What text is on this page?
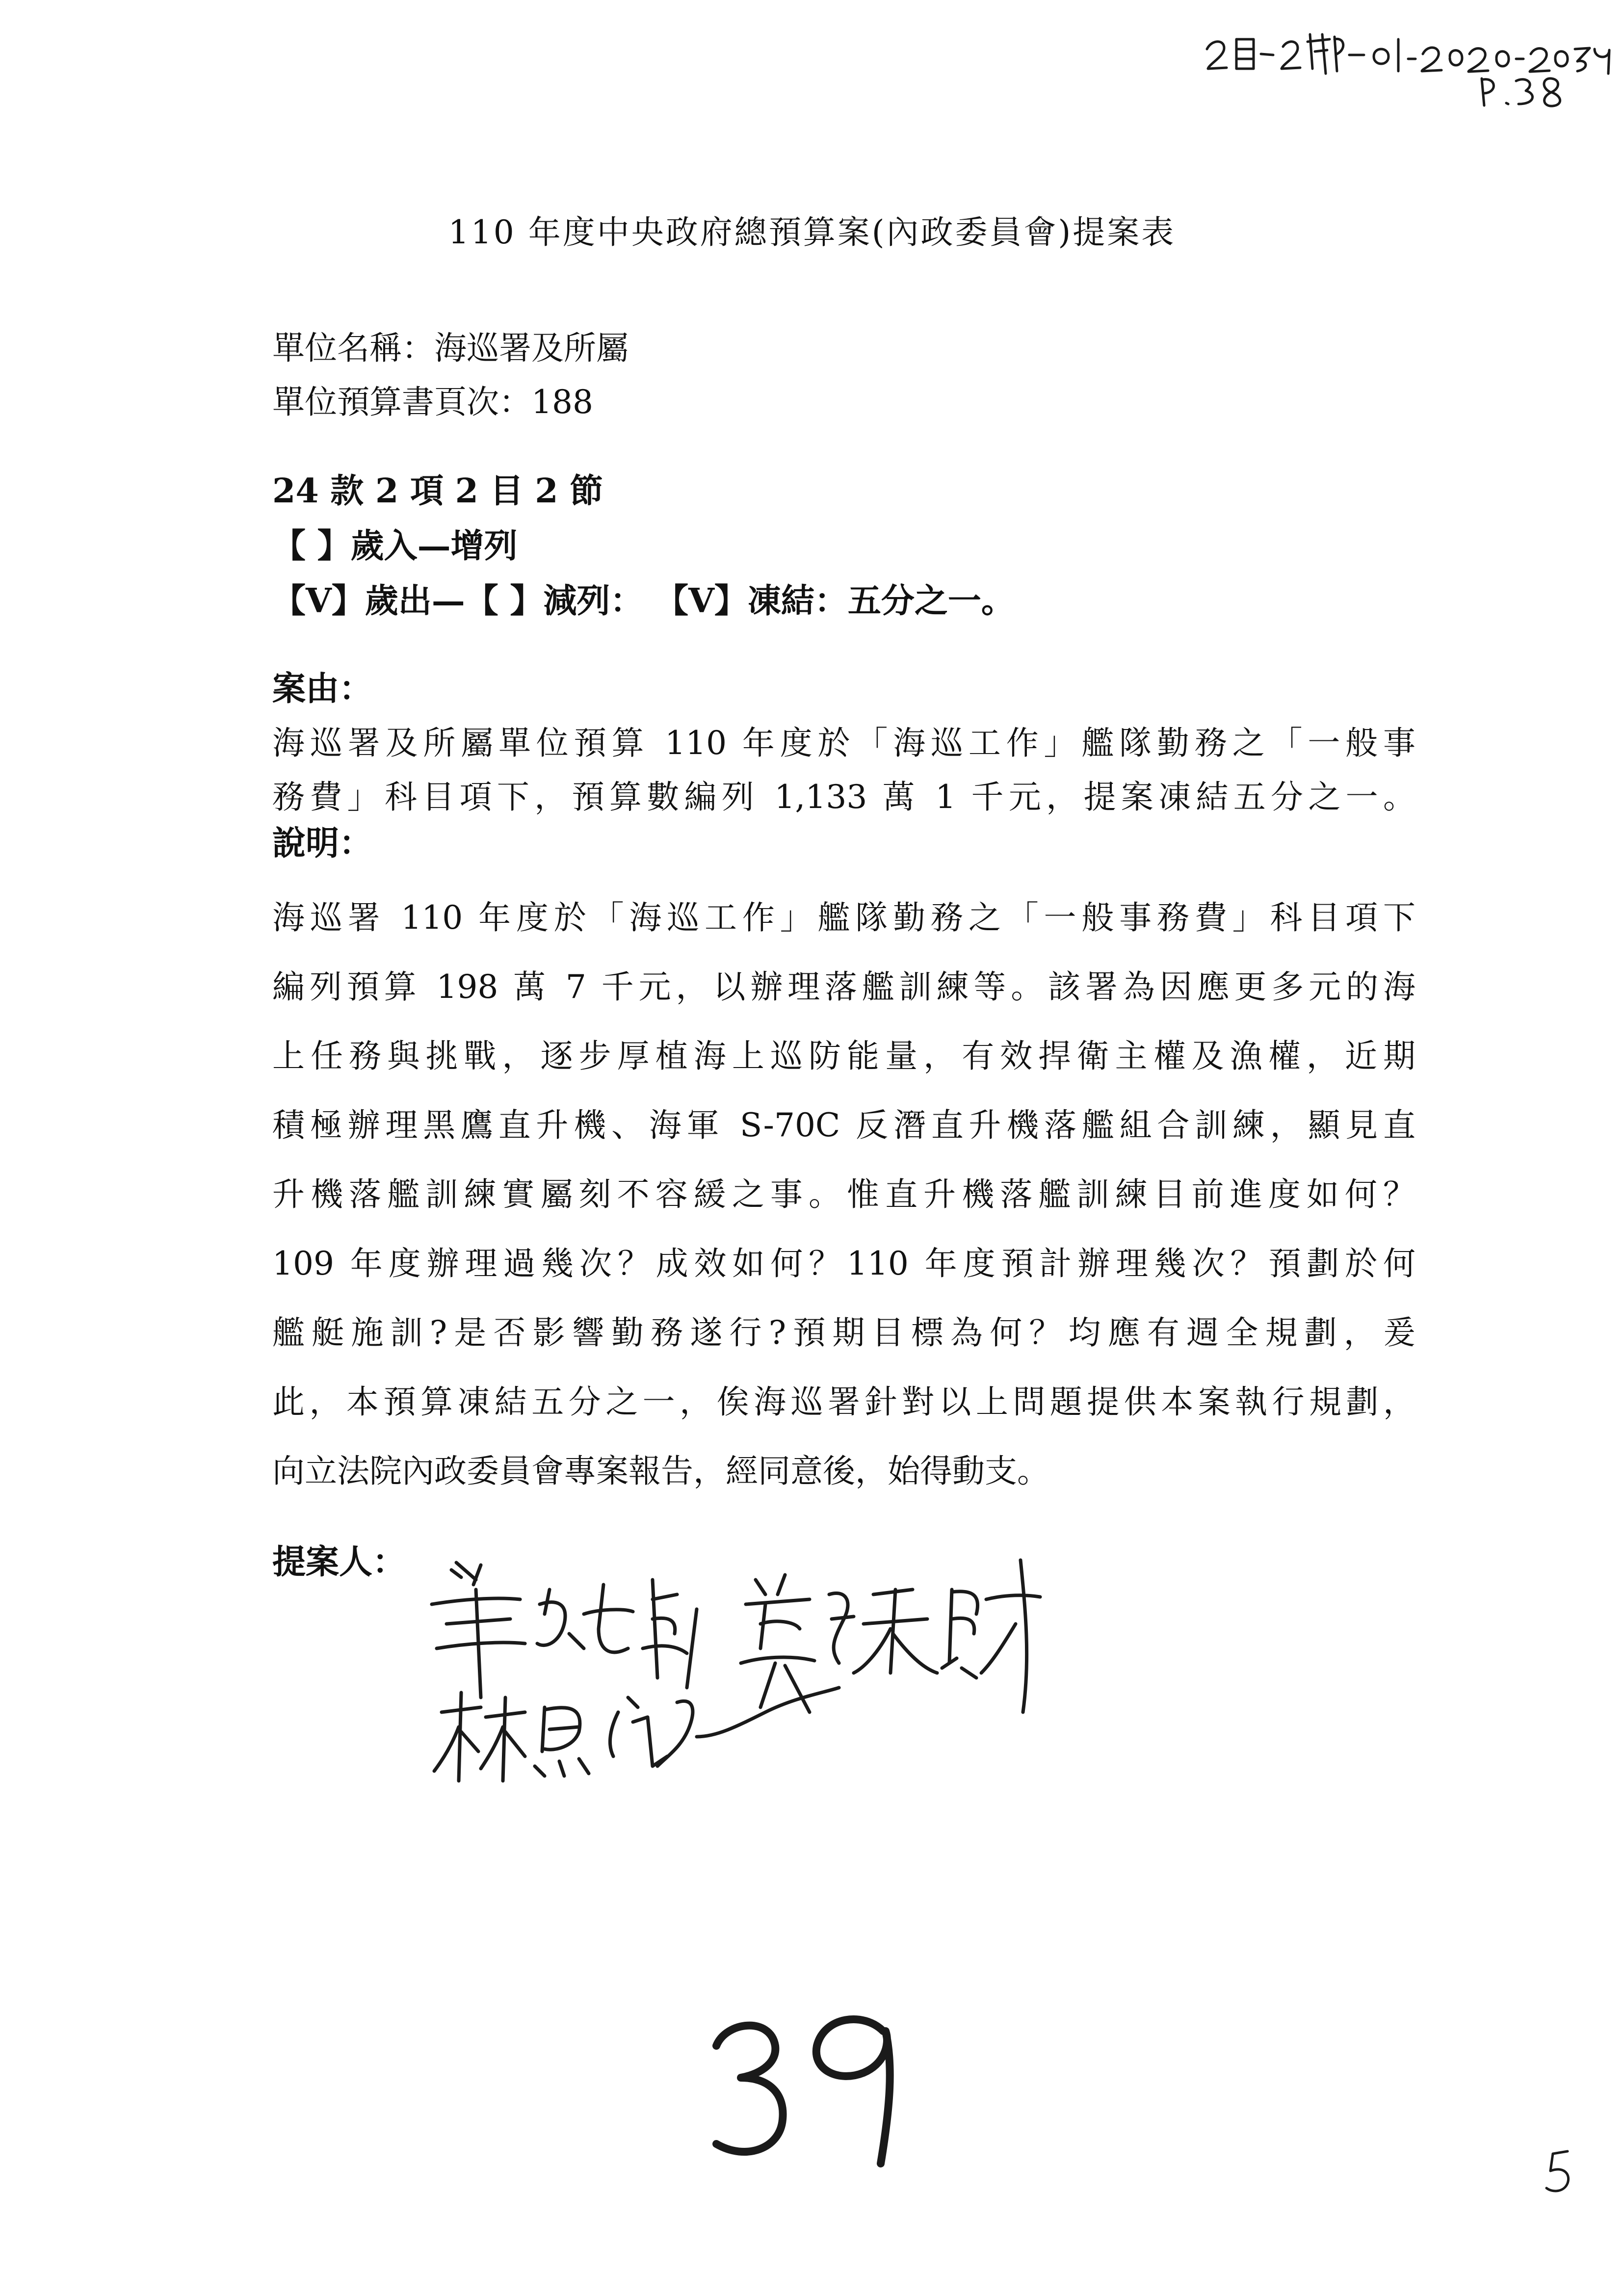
110 年度中央政府總預算案(內政委員會)提案表
單位名稱：海巡署及所屬
單位預算書頁次：188
24 款 2 項 2 目 2 節
【 】歲入—增列
【V】歲出—【 】減列： 【V】凍結：五分之一。
案由：
海巡署及所屬單位預算 110 年度於「海巡工作」艦隊勤務之「一般事
務費」科目項下，預算數編列 1,133 萬 1 千元，提案凍結五分之一。
說明：
海巡署 110 年度於「海巡工作」艦隊勤務之「一般事務費」科目項下
編列預算 198 萬 7 千元，以辦理落艦訓練等。該署為因應更多元的海
上任務與挑戰，逐步厚植海上巡防能量，有效捍衛主權及漁權，近期
積極辦理黑鷹直升機、海軍 S-70C 反潛直升機落艦組合訓練，顯見直
升機落艦訓練實屬刻不容緩之事。惟直升機落艦訓練目前進度如何？
109 年度辦理過幾次？成效如何？110 年度預計辦理幾次？預劃於何
艦艇施訓?是否影響勤務遂行?預期目標為何？均應有週全規劃，爰
此，本預算凍結五分之一，俟海巡署針對以上問題提供本案執行規劃，
向立法院內政委員會專案報告，經同意後，始得動支。
提案人：
